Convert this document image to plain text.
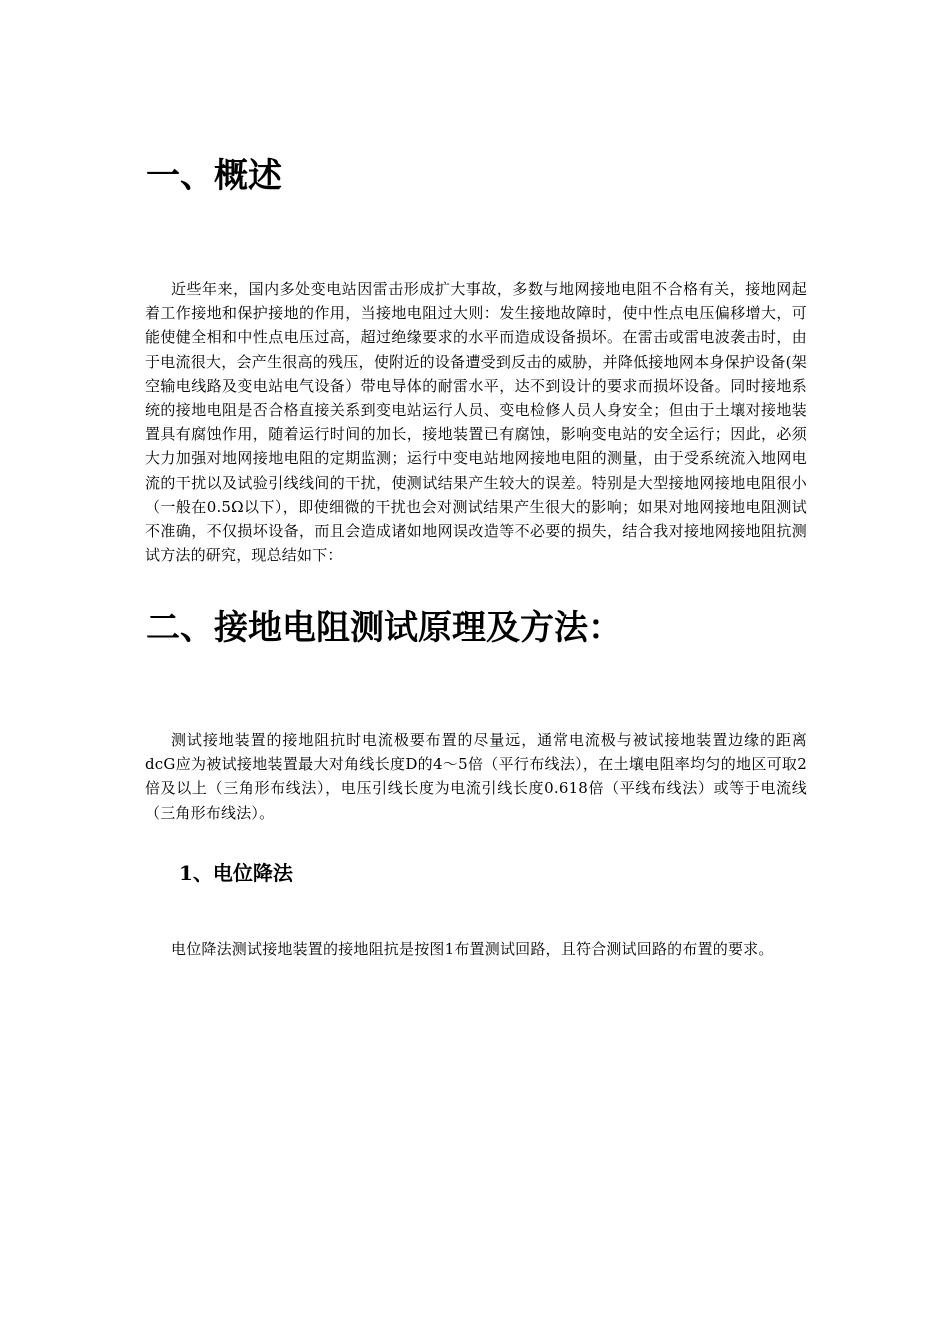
一、概述

近些年来，国内多处变电站因雷击形成扩大事故，多数与地网接地电阻不合格有关，接地网起着工作接地和保护接地的作用，当接地电阻过大则：发生接地故障时，使中性点电压偏移增大，可能使健全相和中性点电压过高，超过绝缘要求的水平而造成设备损坏。在雷击或雷电波袭击时，由于电流很大，会产生很高的残压，使附近的设备遭受到反击的威胁，并降低接地网本身保护设备(架空输电线路及变电站电气设备）带电导体的耐雷水平，达不到设计的要求而损坏设备。同时接地系统的接地电阻是否合格直接关系到变电站运行人员、变电检修人员人身安全；但由于土壤对接地装置具有腐蚀作用，随着运行时间的加长，接地装置已有腐蚀，影响变电站的安全运行；因此，必须大力加强对地网接地电阻的定期监测；运行中变电站地网接地电阻的测量，由于受系统流入地网电流的干扰以及试验引线线间的干扰，使测试结果产生较大的误差。特别是大型接地网接地电阻很小（一般在0.5Ω以下），即使细微的干扰也会对测试结果产生很大的影响；如果对地网接地电阻测试不准确，不仅损坏设备，而且会造成诸如地网误改造等不必要的损失，结合我对接地网接地阻抗测试方法的研究，现总结如下：

二、接地电阻测试原理及方法：

测试接地装置的接地阻抗时电流极要布置的尽量远，通常电流极与被试接地装置边缘的距离dcG应为被试接地装置最大对角线长度D的4～5倍（平行布线法），在土壤电阻率均匀的地区可取2倍及以上（三角形布线法），电压引线长度为电流引线长度0.618倍（平线布线法）或等于电流线（三角形布线法）。

1、电位降法

电位降法测试接地装置的接地阻抗是按图1布置测试回路，且符合测试回路的布置的要求。
